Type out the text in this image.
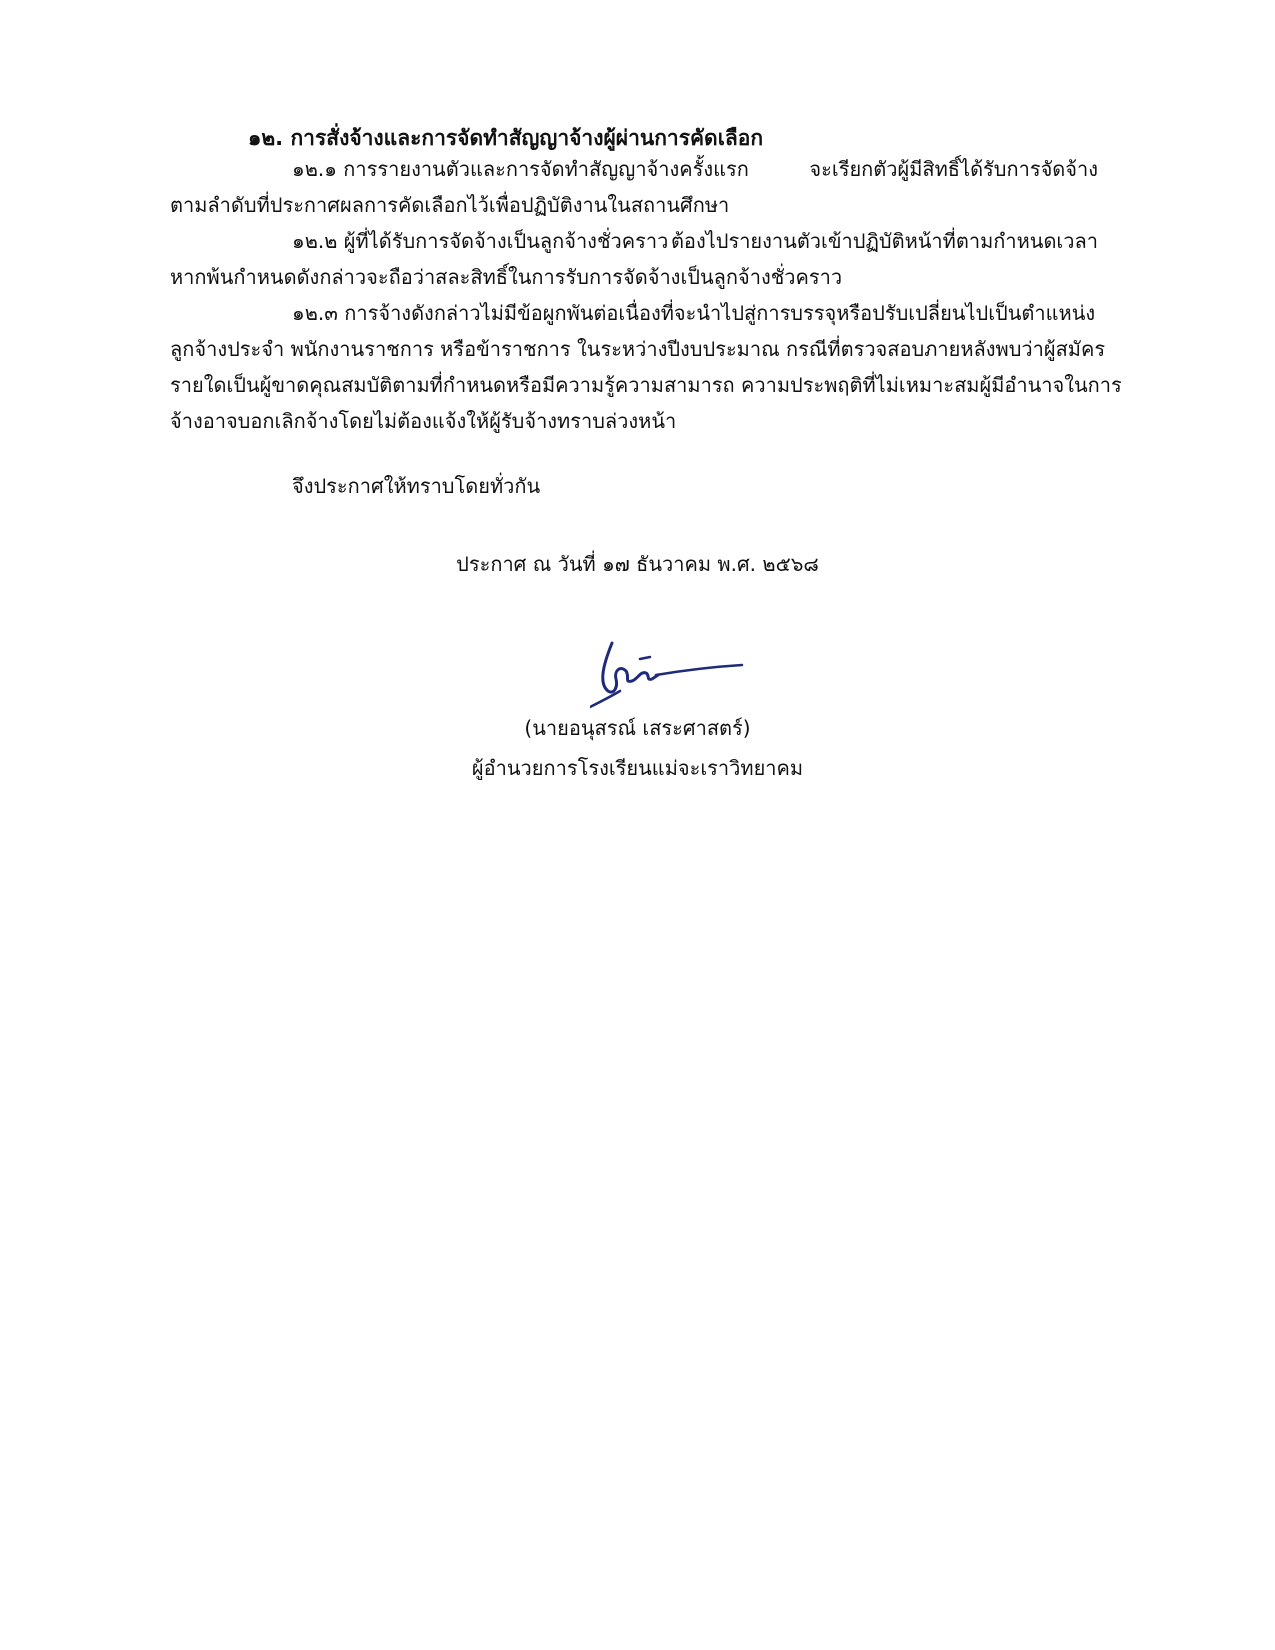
๑๒. การสั่งจ้างและการจัดทำสัญญาจ้างผู้ผ่านการคัดเลือก
๑๒.๑ การรายงานตัวและการจัดทำสัญญาจ้างครั้งแรก	จะเรียกตัวผู้มีสิทธิ์ได้รับการจัดจ้าง
ตามลำดับที่ประกาศผลการคัดเลือกไว้เพื่อปฏิบัติงานในสถานศึกษา
๑๒.๒ ผู้ที่ได้รับการจัดจ้างเป็นลูกจ้างชั่วคราว ต้องไปรายงานตัวเข้าปฏิบัติหน้าที่ตามกำหนดเวลา
หากพ้นกำหนดดังกล่าวจะถือว่าสละสิทธิ์ในการรับการจัดจ้างเป็นลูกจ้างชั่วคราว
๑๒.๓ การจ้างดังกล่าวไม่มีข้อผูกพันต่อเนื่องที่จะนำไปสู่การบรรจุหรือปรับเปลี่ยนไปเป็นตำแหน่ง
ลูกจ้างประจำ พนักงานราชการ หรือข้าราชการ ในระหว่างปีงบประมาณ กรณีที่ตรวจสอบภายหลังพบว่าผู้สมัคร
รายใดเป็นผู้ขาดคุณสมบัติตามที่กำหนดหรือมีความรู้ความสามารถ ความประพฤติที่ไม่เหมาะสมผู้มีอำนาจในการ
จ้างอาจบอกเลิกจ้างโดยไม่ต้องแจ้งให้ผู้รับจ้างทราบล่วงหน้า
จึงประกาศให้ทราบโดยทั่วกัน
ประกาศ ณ วันที่ ๑๗ ธันวาคม พ.ศ. ๒๕๖๘
(นายอนุสรณ์ เสระศาสตร์)
ผู้อำนวยการโรงเรียนแม่จะเราวิทยาคม
